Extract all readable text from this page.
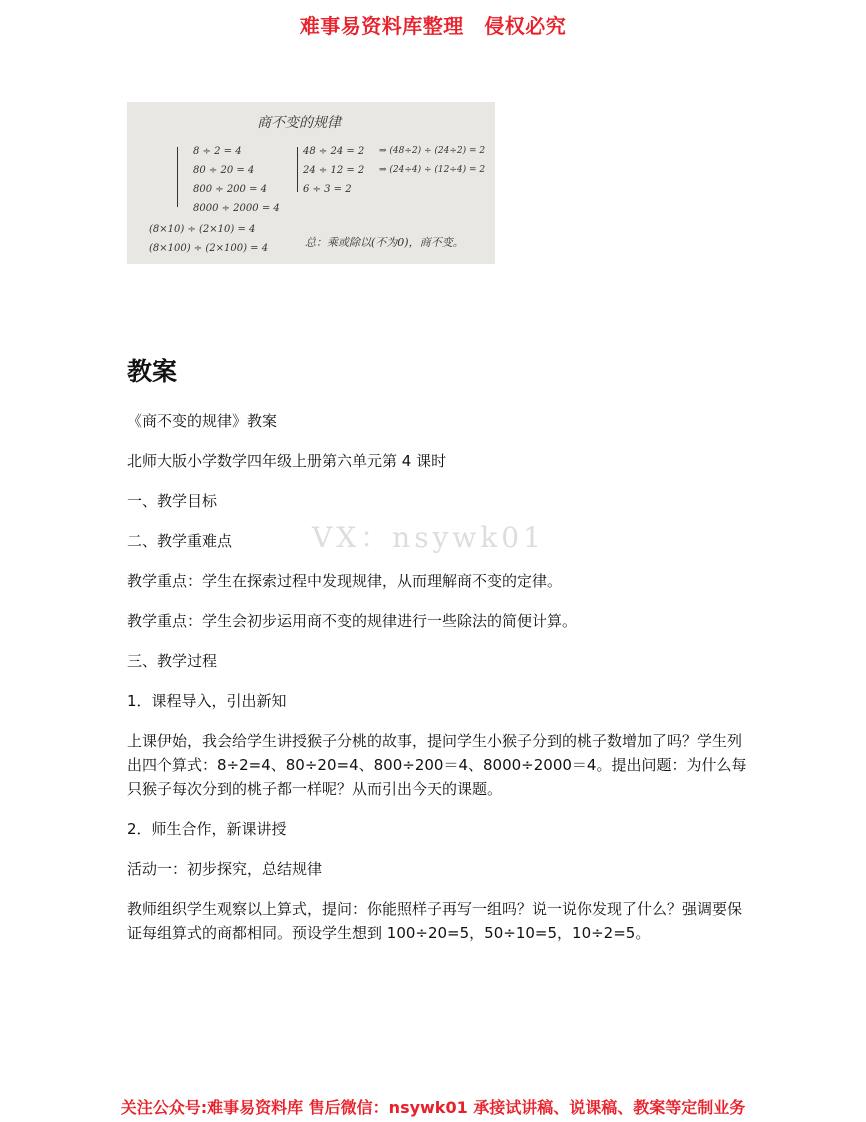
难事易资料库整理　侵权必究
商不变的规律
8 ÷ 2 = 4
80 ÷ 20 = 4
800 ÷ 200 = 4
8000 ÷ 2000 = 4
48 ÷ 24 = 2
24 ÷ 12 = 2
6 ÷ 3 = 2
⇒ (48÷2) ÷ (24÷2) = 2
⇒ (24÷4) ÷ (12÷4) = 2
(8×10) ÷ (2×10) = 4
(8×100) ÷ (2×100) = 4	总：乘或除以(不为0)，商不变。
教案
《商不变的规律》教案
北师大版小学数学四年级上册第六单元第 4 课时
一、教学目标
二、教学重难点
教学重点：学生在探索过程中发现规律，从而理解商不变的定律。
教学重点：学生会初步运用商不变的规律进行一些除法的简便计算。
三、教学过程
1．课程导入，引出新知
上课伊始，我会给学生讲授猴子分桃的故事，提问学生小猴子分到的桃子数增加了吗？学生列出四个算式：8÷2=4、80÷20=4、800÷200＝4、8000÷2000＝4。提出问题：为什么每只猴子每次分到的桃子都一样呢？从而引出今天的课题。
2．师生合作，新课讲授
活动一：初步探究，总结规律
教师组织学生观察以上算式，提问：你能照样子再写一组吗？说一说你发现了什么？强调要保证每组算式的商都相同。预设学生想到 100÷20=5，50÷10=5，10÷2=5。
VX：nsywk01
关注公众号:难事易资料库 售后微信：nsywk01 承接试讲稿、说课稿、教案等定制业务
